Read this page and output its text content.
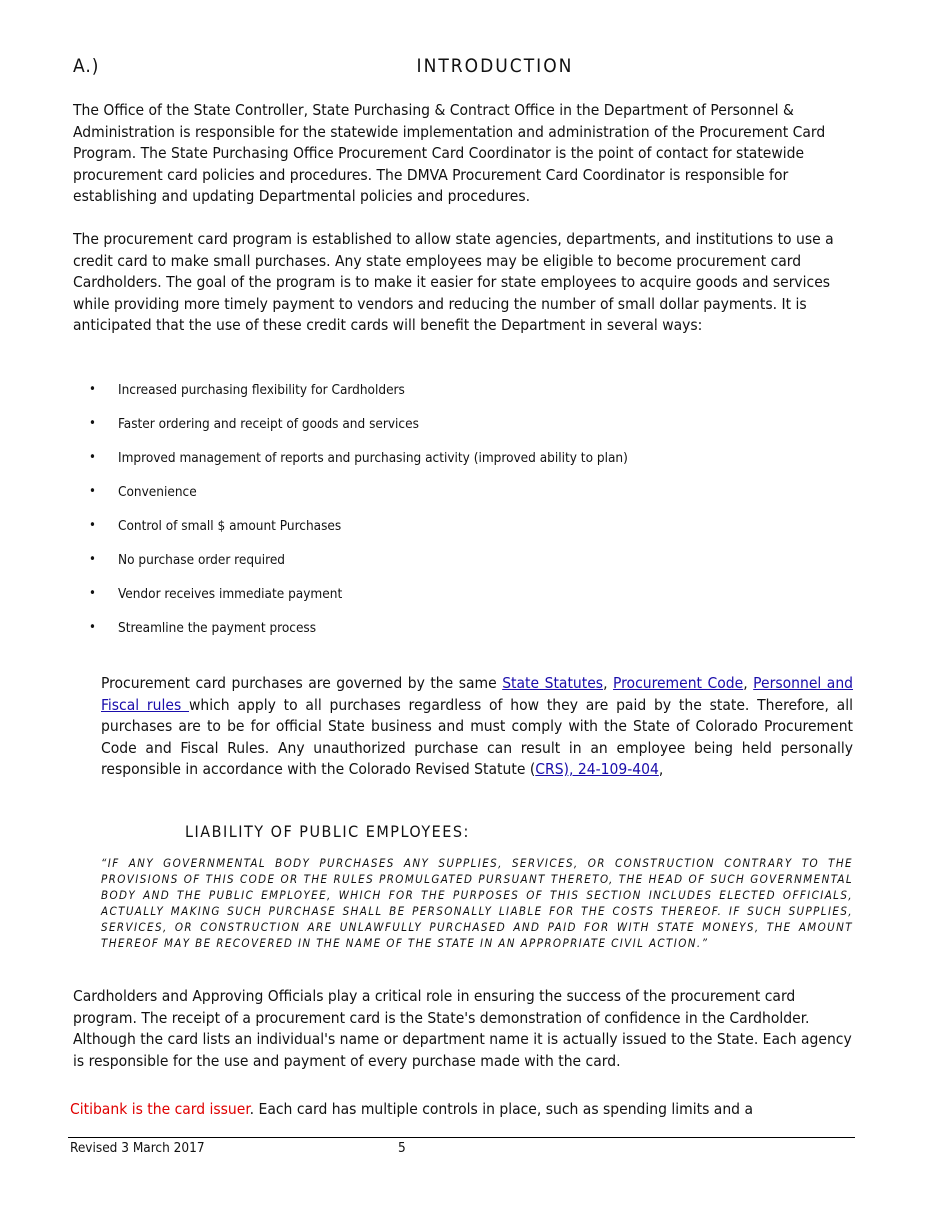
A.)	INTRODUCTION

The Office of the State Controller, State Purchasing & Contract Office in the Department of Personnel & Administration is responsible for the statewide implementation and administration of the Procurement Card Program. The State Purchasing Office Procurement Card Coordinator is the point of contact for statewide procurement card policies and procedures. The DMVA Procurement Card Coordinator is responsible for establishing and updating Departmental policies and procedures.

The procurement card program is established to allow state agencies, departments, and institutions to use a credit card to make small purchases. Any state employees may be eligible to become procurement card Cardholders. The goal of the program is to make it easier for state employees to acquire goods and services while providing more timely payment to vendors and reducing the number of small dollar payments. It is anticipated that the use of these credit cards will benefit the Department in several ways:

• Increased purchasing flexibility for Cardholders
• Faster ordering and receipt of goods and services
• Improved management of reports and purchasing activity (improved ability to plan)
• Convenience
• Control of small $ amount Purchases
• No purchase order required
• Vendor receives immediate payment
• Streamline the payment process
Procurement card purchases are governed by the same State Statutes, Procurement Code, Personnel and Fiscal rules which apply to all purchases regardless of how they are paid by the state. Therefore, all purchases are to be for official State business and must comply with the State of Colorado Procurement Code and Fiscal Rules. Any unauthorized purchase can result in an employee being held personally responsible in accordance with the Colorado Revised Statute (CRS), 24-109-404,
LIABILITY OF PUBLIC EMPLOYEES:
“IF ANY GOVERNMENTAL BODY PURCHASES ANY SUPPLIES, SERVICES, OR CONSTRUCTION CONTRARY TO THE PROVISIONS OF THIS CODE OR THE RULES PROMULGATED PURSUANT THERETO, THE HEAD OF SUCH GOVERNMENTAL BODY AND THE PUBLIC EMPLOYEE, WHICH FOR THE PURPOSES OF THIS SECTION INCLUDES ELECTED OFFICIALS, ACTUALLY MAKING SUCH PURCHASE SHALL BE PERSONALLY LIABLE FOR THE COSTS THEREOF. IF SUCH SUPPLIES, SERVICES, OR CONSTRUCTION ARE UNLAWFULLY PURCHASED AND PAID FOR WITH STATE MONEYS, THE AMOUNT THEREOF MAY BE RECOVERED IN THE NAME OF THE STATE IN AN APPROPRIATE CIVIL ACTION.”

Cardholders and Approving Officials play a critical role in ensuring the success of the procurement card program. The receipt of a procurement card is the State's demonstration of confidence in the Cardholder. Although the card lists an individual's name or department name it is actually issued to the State. Each agency is responsible for the use and payment of every purchase made with the card.

Citibank is the card issuer. Each card has multiple controls in place, such as spending limits and a
Revised 3 March 2017	5
